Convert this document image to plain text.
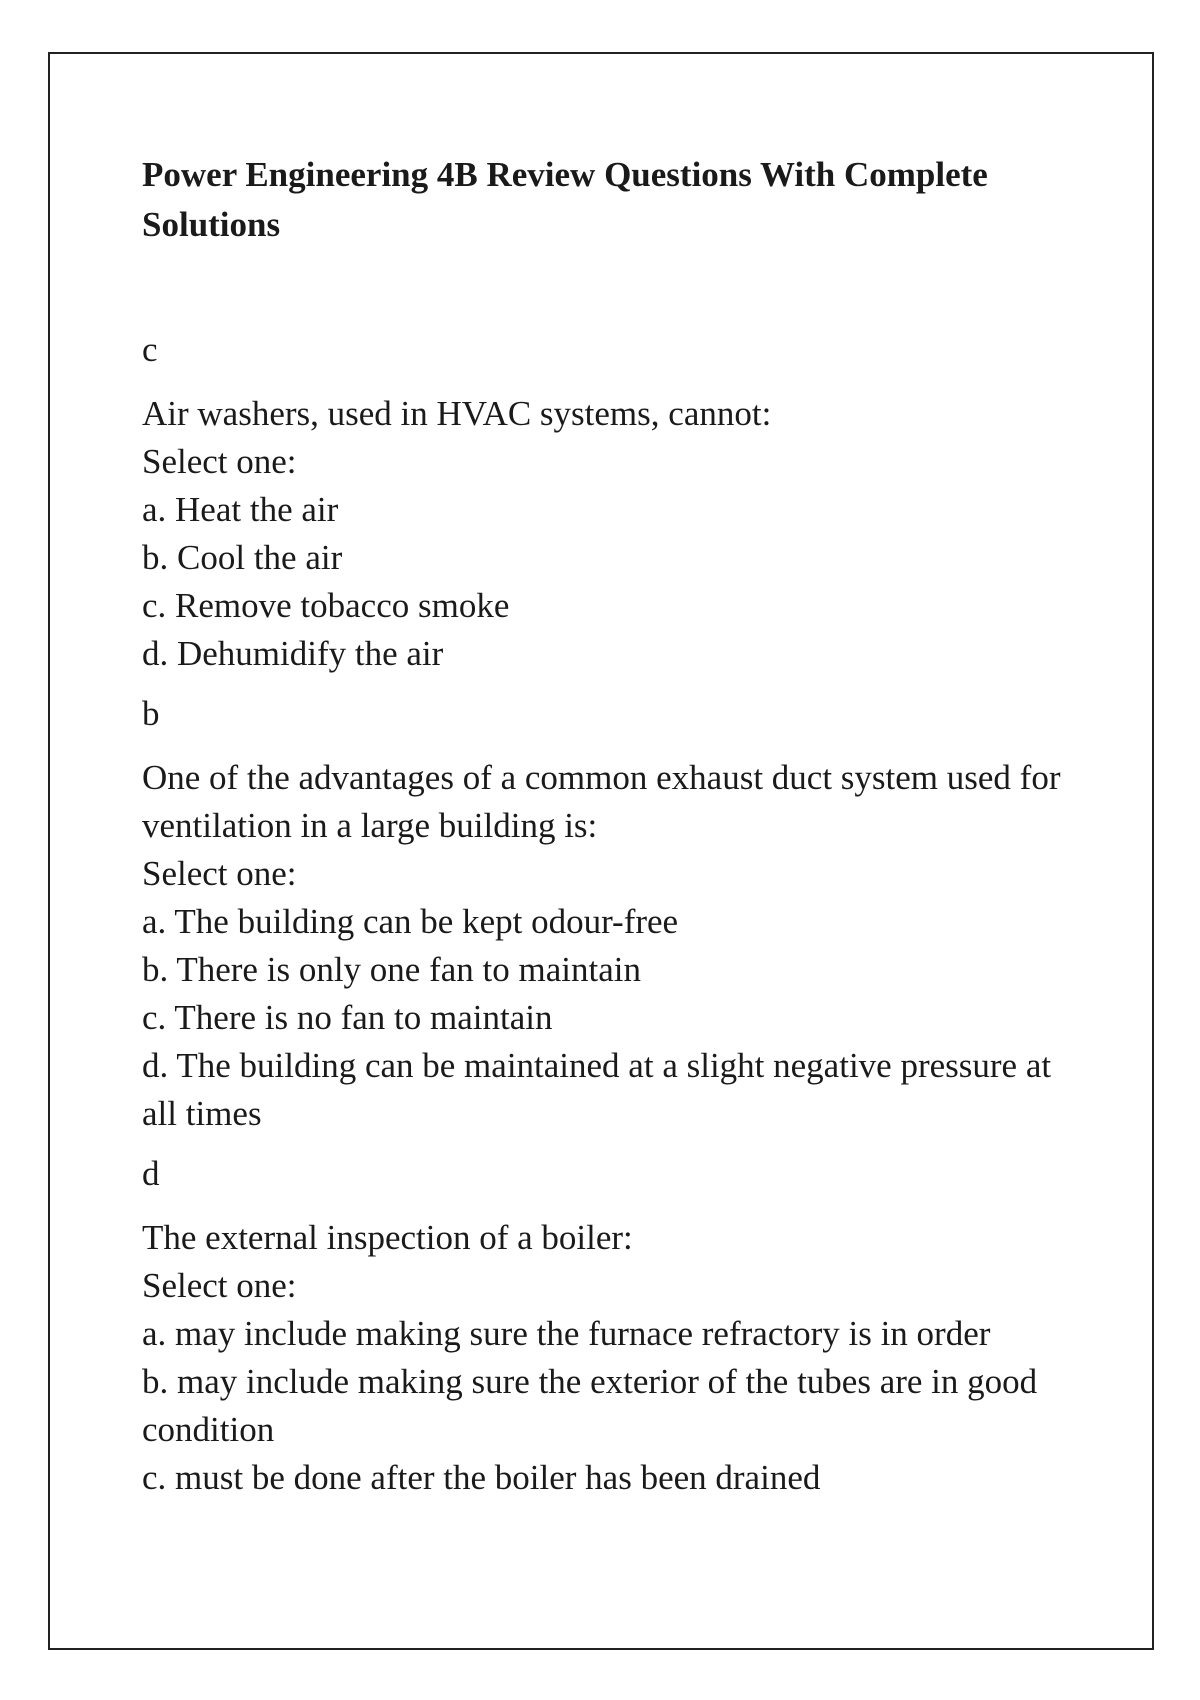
Power Engineering 4B Review Questions With Complete Solutions
c
Air washers, used in HVAC systems, cannot:
Select one:
a. Heat the air
b. Cool the air
c. Remove tobacco smoke
d. Dehumidify the air
b
One of the advantages of a common exhaust duct system used for ventilation in a large building is:
Select one:
a. The building can be kept odour-free
b. There is only one fan to maintain
c. There is no fan to maintain
d. The building can be maintained at a slight negative pressure at all times
d
The external inspection of a boiler:
Select one:
a. may include making sure the furnace refractory is in order
b. may include making sure the exterior of the tubes are in good condition
c. must be done after the boiler has been drained
